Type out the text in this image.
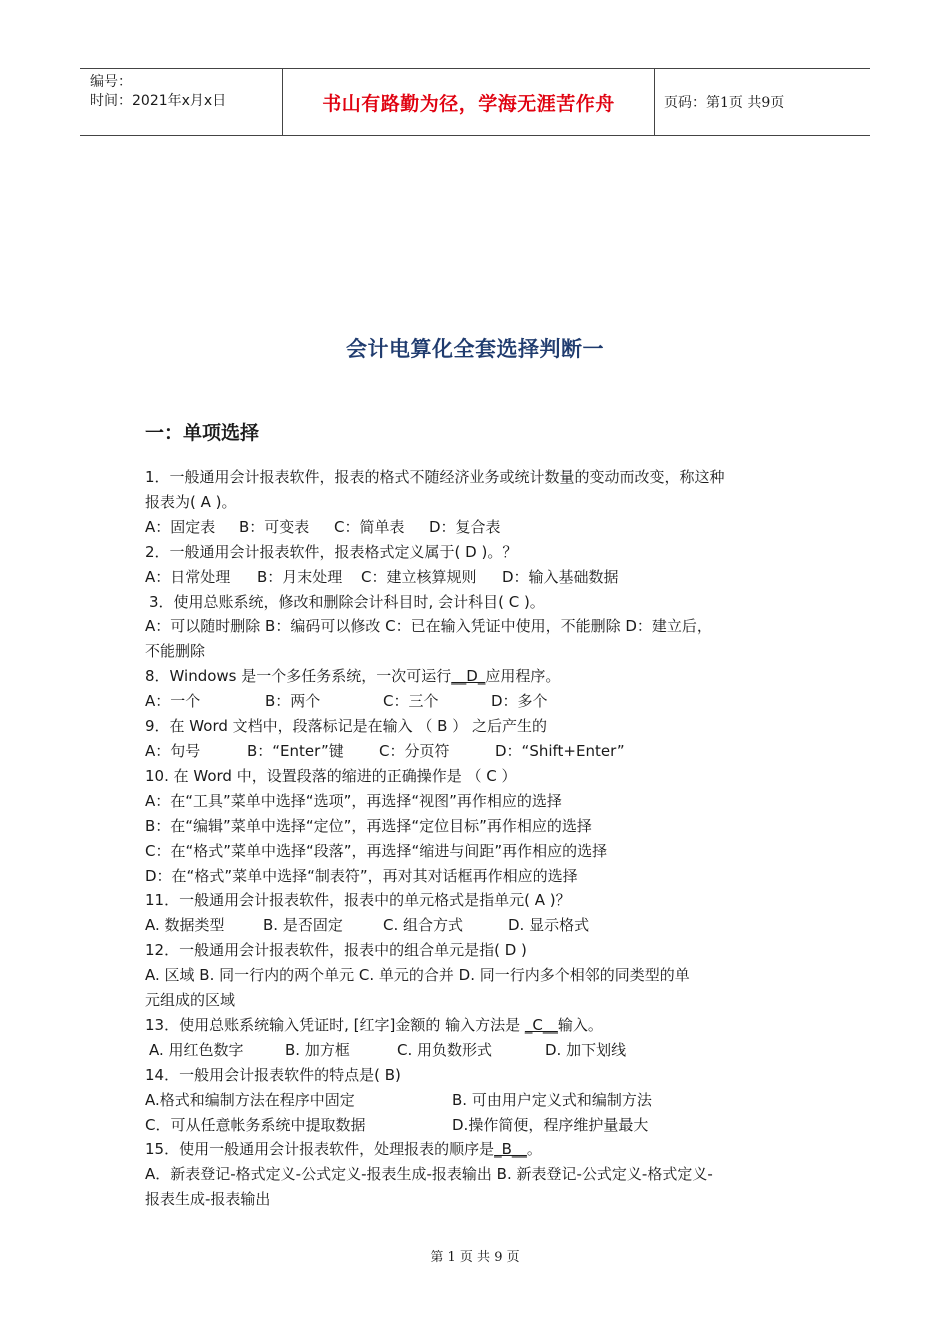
编号：
时间：2021年x月x日	书山有路勤为径，学海无涯苦作舟	页码：第1页 共9页
会计电算化全套选择判断一
一：单项选择
1．一般通用会计报表软件，报表的格式不随经济业务或统计数量的变动而改变，称这种
报表为( A )。
A：固定表 B：可变表 C：简单表 D：复合表
2．一般通用会计报表软件，报表格式定义属于( D )。？
A：日常处理 B：月末处理 C：建立核算规则 D：输入基础数据
3．使用总账系统，修改和删除会计科目时, 会计科目( C )。
A：可以随时删除 B：编码可以修改 C：已在输入凭证中使用，不能删除 D：建立后，
不能删除
8．Windows 是一个多任务系统，一次可运行__D_应用程序。
A：一个	B：两个	C：三个	D：多个
9．在 Word 文档中，段落标记是在输入 （ B ） 之后产生的
A：句号	B：“Enter”键 C：分页符	D：“Shift+Enter”
10. 在 Word 中，设置段落的缩进的正确操作是 （ C ）
A：在“工具”菜单中选择“选项”，再选择“视图”再作相应的选择
B：在“编辑”菜单中选择“定位”，再选择“定位目标”再作相应的选择
C：在“格式”菜单中选择“段落”，再选择“缩进与间距”再作相应的选择
D：在“格式”菜单中选择“制表符”，再对其对话框再作相应的选择
11．一般通用会计报表软件，报表中的单元格式是指单元( A )？
A. 数据类型	B. 是否固定	C. 组合方式	D. 显示格式
12．一般通用会计报表软件，报表中的组合单元是指( D )
A. 区域 B. 同一行内的两个单元 C. 单元的合并 D. 同一行内多个相邻的同类型的单
元组成的区域
13．使用总账系统输入凭证时, [红字]金额的 输入方法是 _C__输入。
A. 用红色数字	B. 加方框	C. 用负数形式	D. 加下划线
14．一般用会计报表软件的特点是( B)
A.格式和编制方法在程序中固定	B. 可由用户定义式和编制方法
C．可从任意帐务系统中提取数据	D.操作简便，程序维护量最大
15．使用一般通用会计报表软件，处理报表的顺序是_B__。
A．新表登记-格式定义-公式定义-报表生成-报表输出 B. 新表登记-公式定义-格式定义-
报表生成-报表输出
第 1 页 共 9 页
